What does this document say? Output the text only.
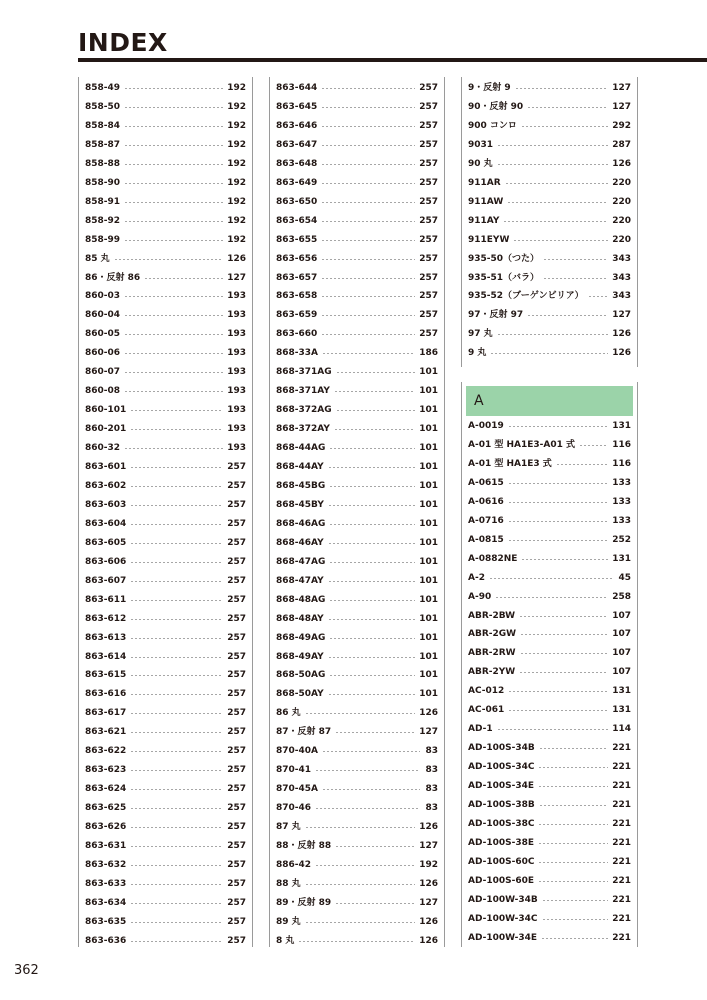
INDEX
858-49	192
858-50	192
858-84	192
858-87	192
858-88	192
858-90	192
858-91	192
858-92	192
858-99	192
85 丸	126
86・反射 86	127
860-03	193
860-04	193
860-05	193
860-06	193
860-07	193
860-08	193
860-101	193
860-201	193
860-32	193
863-601	257
863-602	257
863-603	257
863-604	257
863-605	257
863-606	257
863-607	257
863-611	257
863-612	257
863-613	257
863-614	257
863-615	257
863-616	257
863-617	257
863-621	257
863-622	257
863-623	257
863-624	257
863-625	257
863-626	257
863-631	257
863-632	257
863-633	257
863-634	257
863-635	257
863-636	257
863-644	257
863-645	257
863-646	257
863-647	257
863-648	257
863-649	257
863-650	257
863-654	257
863-655	257
863-656	257
863-657	257
863-658	257
863-659	257
863-660	257
868-33A	186
868-371AG	101
868-371AY	101
868-372AG	101
868-372AY	101
868-44AG	101
868-44AY	101
868-45BG	101
868-45BY	101
868-46AG	101
868-46AY	101
868-47AG	101
868-47AY	101
868-48AG	101
868-48AY	101
868-49AG	101
868-49AY	101
868-50AG	101
868-50AY	101
86 丸	126
87・反射 87	127
870-40A	83
870-41	83
870-45A	83
870-46	83
87 丸	126
88・反射 88	127
886-42	192
88 丸	126
89・反射 89	127
89 丸	126
8 丸	126
9・反射 9	127
90・反射 90	127
900 コンロ	292
9031	287
90 丸	126
911AR	220
911AW	220
911AY	220
911EYW	220
935-50（つた）	343
935-51（バラ）	343
935-52（ブーゲンビリア）	343
97・反射 97	127
97 丸	126
9 丸	126
A
A-0019	131
A-01 型 HA1E3-A01 式	116
A-01 型 HA1E3 式	116
A-0615	133
A-0616	133
A-0716	133
A-0815	252
A-0882NE	131
A-2	45
A-90	258
ABR-2BW	107
ABR-2GW	107
ABR-2RW	107
ABR-2YW	107
AC-012	131
AC-061	131
AD-1	114
AD-100S-34B	221
AD-100S-34C	221
AD-100S-34E	221
AD-100S-38B	221
AD-100S-38C	221
AD-100S-38E	221
AD-100S-60C	221
AD-100S-60E	221
AD-100W-34B	221
AD-100W-34C	221
AD-100W-34E	221
362
